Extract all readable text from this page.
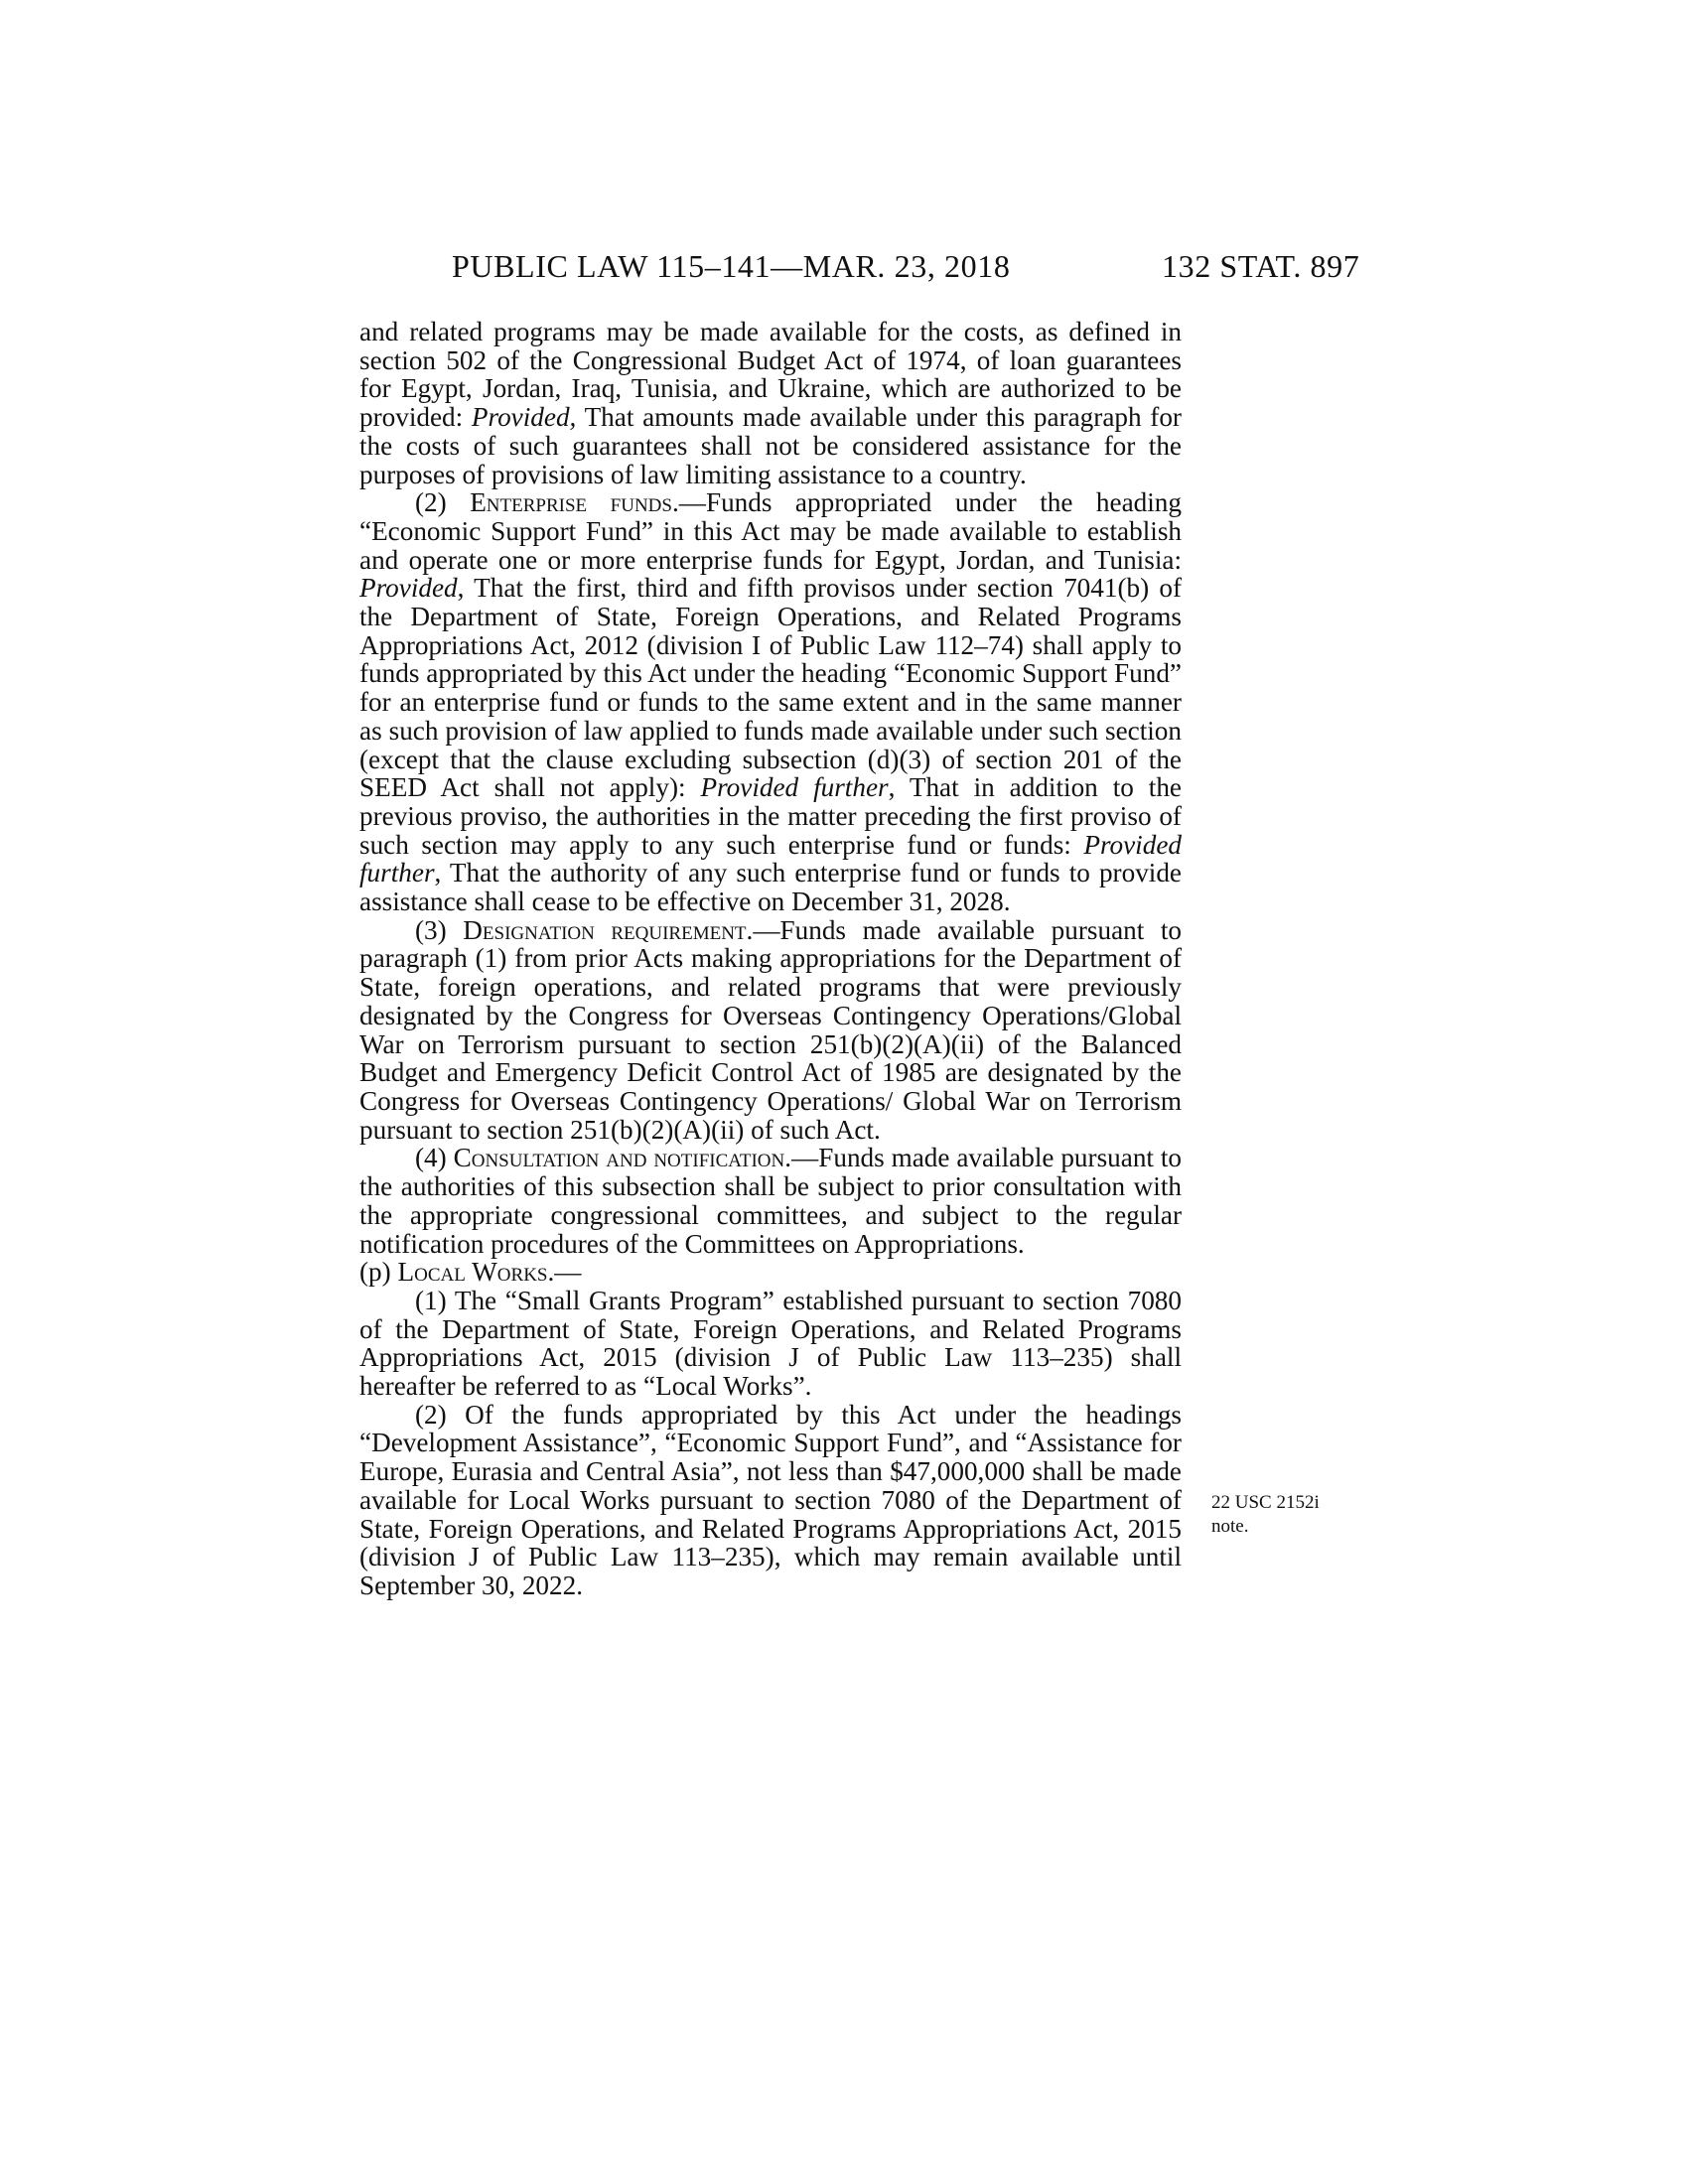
PUBLIC LAW 115–141—MAR. 23, 2018	132 STAT. 897

and related programs may be made available for the costs, as defined in section 502 of the Congressional Budget Act of 1974, of loan guarantees for Egypt, Jordan, Iraq, Tunisia, and Ukraine, which are authorized to be provided: Provided, That amounts made available under this paragraph for the costs of such guarantees shall not be considered assistance for the purposes of provisions of law limiting assistance to a country.

(2) Enterprise funds.—Funds appropriated under the heading “Economic Support Fund” in this Act may be made available to establish and operate one or more enterprise funds for Egypt, Jordan, and Tunisia: Provided, That the first, third and fifth provisos under section 7041(b) of the Department of State, Foreign Operations, and Related Programs Appropriations Act, 2012 (division I of Public Law 112–74) shall apply to funds appropriated by this Act under the heading “Economic Support Fund” for an enterprise fund or funds to the same extent and in the same manner as such provision of law applied to funds made available under such section (except that the clause excluding subsection (d)(3) of section 201 of the SEED Act shall not apply): Provided further, That in addition to the previous proviso, the authorities in the matter preceding the first proviso of such section may apply to any such enterprise fund or funds: Provided further, That the authority of any such enterprise fund or funds to provide assistance shall cease to be effective on December 31, 2028.

(3) Designation requirement.—Funds made available pursuant to paragraph (1) from prior Acts making appropriations for the Department of State, foreign operations, and related programs that were previously designated by the Congress for Overseas Contingency Operations/Global War on Terrorism pursuant to section 251(b)(2)(A)(ii) of the Balanced Budget and Emergency Deficit Control Act of 1985 are designated by the Congress for Overseas Contingency Operations/ Global War on Terrorism pursuant to section 251(b)(2)(A)(ii) of such Act.

(4) Consultation and notification.—Funds made available pursuant to the authorities of this subsection shall be subject to prior consultation with the appropriate congressional committees, and subject to the regular notification procedures of the Committees on Appropriations.

(p) Local Works.—

(1) The “Small Grants Program” established pursuant to section 7080 of the Department of State, Foreign Operations, and Related Programs Appropriations Act, 2015 (division J of Public Law 113–235) shall hereafter be referred to as “Local Works”.

(2) Of the funds appropriated by this Act under the headings “Development Assistance”, “Economic Support Fund”, and “Assistance for Europe, Eurasia and Central Asia”, not less than $47,000,000 shall be made available for Local Works pursuant to section 7080 of the Department of State, Foreign Operations, and Related Programs Appropriations Act, 2015 (division J of Public Law 113–235), which may remain available until September 30, 2022.

22 USC 2152i
note.
